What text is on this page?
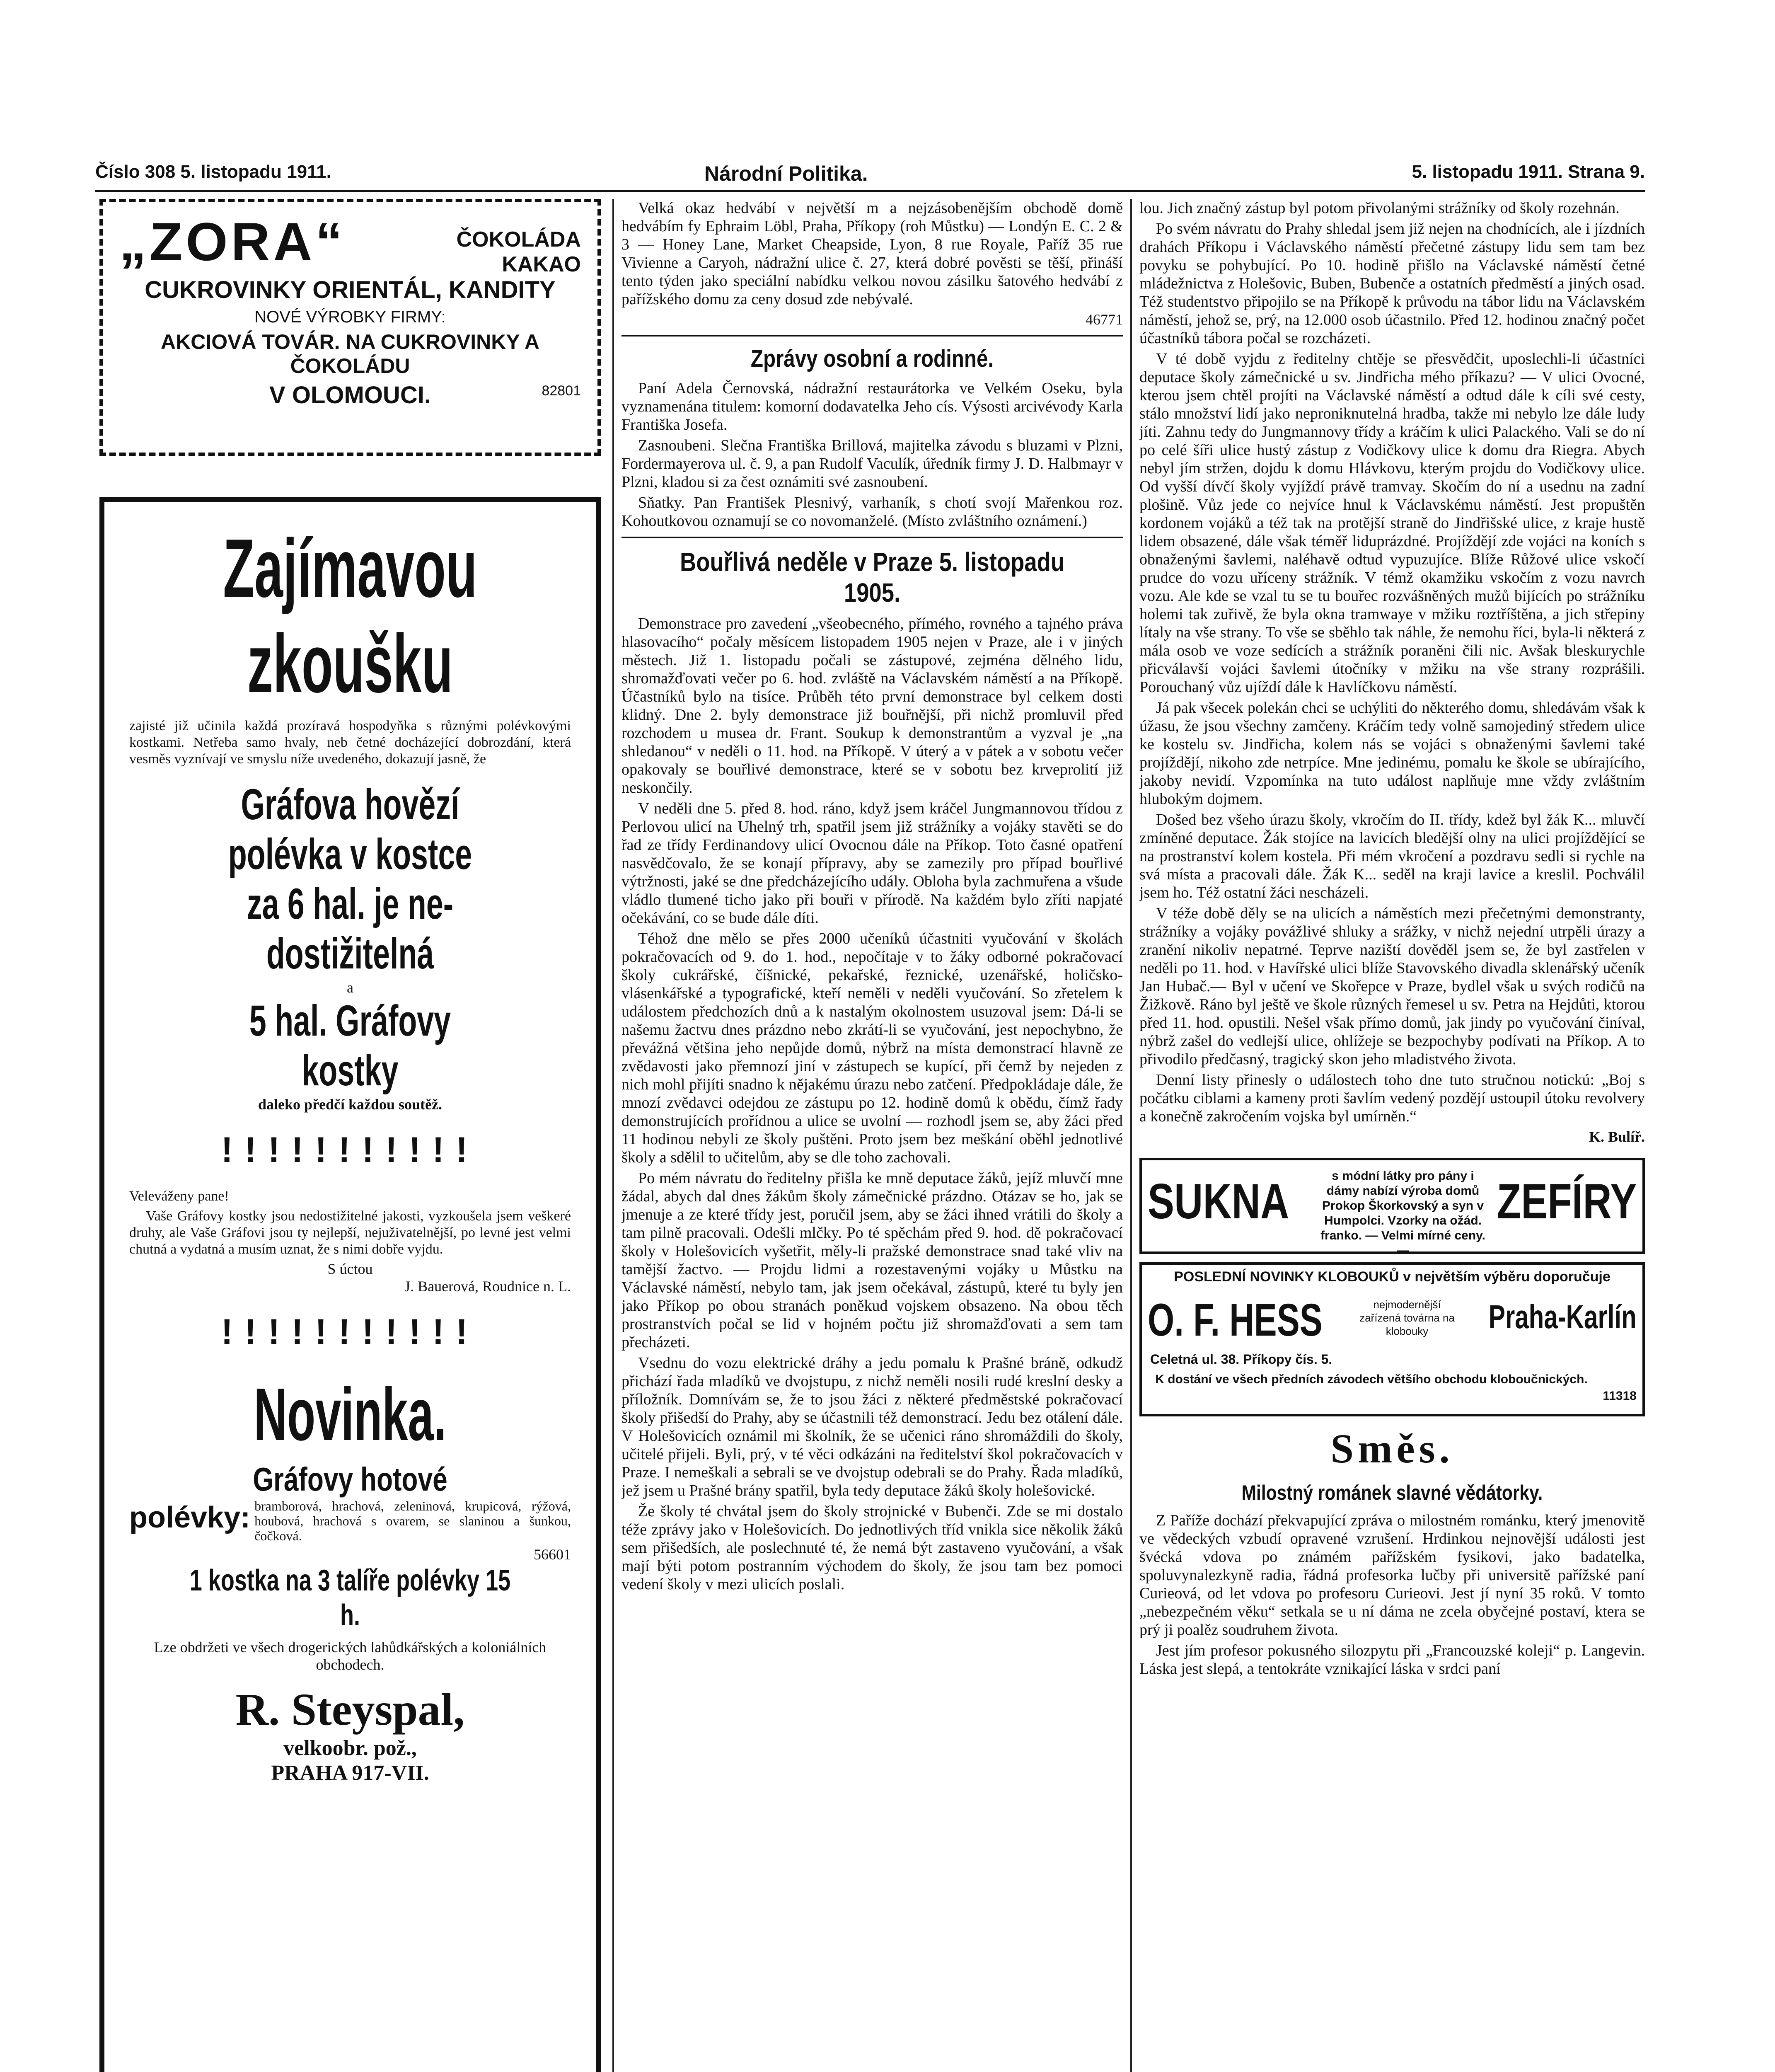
Číslo 308 5. listopadu 1911.	Národní Politika.	5. listopadu 1911. Strana 9.
„ZORA“	ČOKOLÁDA
KAKAO
CUKROVINKY ORIENTÁL, KANDITY
NOVÉ VÝROBKY FIRMY:
82801
AKCIOVÁ TOVÁR. NA CUKROVINKY A ČOKOLÁDU
V OLOMOUCI.
Zajímavou
zkoušku

zajisté již učinila každá prozíravá hospodyňka s různými polévkovými kostkami. Netřeba samo hvaly, neb četné docházející dobrozdání, která vesměs vyznívají ve smyslu níže uvedeného, dokazují jasně, že

Gráfova hovězí
polévka v kostce
za 6 hal. je ne-
dostižitelná
a
5 hal. Gráfovy
kostky
daleko předčí každou soutěž.
!!!!!!!!!!!

Veleváženy pane!

Vaše Gráfovy kostky jsou nedostižitelné jakosti, vyzkoušela jsem veškeré druhy, ale Vaše Gráfovi jsou ty nejlepší, nejuživatelnější, po levné jest velmi chutná a vydatná a musím uznat, že s nimi dobře vyjdu.

S úctou
J. Bauerová, Roudnice n. L.
!!!!!!!!!!!
Novinka.
Gráfovy hotové
polévky: bramborová, hrachová, zeleninová, krupicová, rýžová, houbová, hrachová s ovarem, se slaninou a šunkou, čočková.

56601
1 kostka na 3 talíře polévky 15 h.
Lze obdržeti ve všech drogerických lahůdkářských a koloniálních obchodech.
R. Steyspal,
velkoobr. pož.,
PRAHA 917-VII.

Velká okaz hedvábí v největší m a nejzásobenějším obchodě domě hedvábím fy Ephraim Löbl, Praha, Příkopy (roh Můstku) — Londýn E. C. 2 & 3 — Honey Lane, Market Cheapside, Lyon, 8 rue Royale, Paříž 35 rue Vivienne a Caryoh, nádražní ulice č. 27, která dobré pověsti se těší, přináší tento týden jako speciální nabídku velkou novou zásilku šatového hedvábí z pařížského domu za ceny dosud zde nebývalé.

46771
Zprávy osobní a rodinné.

Paní Adela Černovská, nádražní restaurátorka ve Velkém Oseku, byla vyznamenána titulem: komorní dodavatelka Jeho cís. Výsosti arcivévody Karla Františka Josefa.

Zasnoubeni. Slečna Františka Brillová, majitelka závodu s bluzami v Plzni, Fordermayerova ul. č. 9, a pan Rudolf Vaculík, úředník firmy J. D. Halbmayr v Plzni, kladou si za čest oznámiti své zasnoubení.

Sňatky. Pan František Plesnivý, varhaník, s chotí svojí Mařenkou roz. Kohoutkovou oznamují se co novomanželé. (Místo zvláštního oznámení.)

Bouřlivá neděle v Praze 5. listopadu 1905.

Demonstrace pro zavedení „všeobecného, přímého, rovného a tajného práva hlasovacího“ počaly měsícem listopadem 1905 nejen v Praze, ale i v jiných městech. Již 1. listopadu počali se zástupové, zejména dělného lidu, shromažďovati večer po 6. hod. zvláště na Václavském náměstí a na Příkopě. Účastníků bylo na tisíce. Průběh této první demonstrace byl celkem dosti klidný. Dne 2. byly demonstrace již bouřnější, při nichž promluvil před rozchodem u musea dr. Frant. Soukup k demonstrantům a vyzval je „na shledanou“ v neděli o 11. hod. na Příkopě. V úterý a v pátek a v sobotu večer opakovaly se bouřlivé demonstrace, které se v sobotu bez krveprolití již neskončily.

V neděli dne 5. před 8. hod. ráno, když jsem kráčel Jungmannovou třídou z Perlovou ulicí na Uhelný trh, spatřil jsem již strážníky a vojáky stavěti se do řad ze třídy Ferdinandovy ulicí Ovocnou dále na Příkop. Toto časné opatření nasvědčovalo, že se konají přípravy, aby se zamezily pro případ bouřlivé výtržnosti, jaké se dne předcházejícího udály. Obloha byla zachmuřena a všude vládlo tlumené ticho jako při bouři v přírodě. Na každém bylo zříti napjaté očekávání, co se bude dále díti.

Téhož dne mělo se přes 2000 učeníků účastniti vyučování v školách pokračovacích od 9. do 1. hod., nepočítaje v to žáky odborné pokračovací školy cukrářské, číšnické, pekařské, řeznické, uzenářské, holičsko-vlásenkářské a typografické, kteří neměli v neděli vyučování. So zřetelem k událostem předchozích dnů a k nastalým okolnostem usuzoval jsem: Dá-li se našemu žactvu dnes prázdno nebo zkrátí-li se vyučování, jest nepochybno, že převážná většina jeho nepůjde domů, nýbrž na místa demonstrací hlavně ze zvědavosti jako přemnozí jiní v zástupech se kupící, při čemž by nejeden z nich mohl přijíti snadno k nějakému úrazu nebo zatčení. Předpokládaje dále, že mnozí zvědavci odejdou ze zástupu po 12. hodině domů k obědu, čímž řady demonstrujících prořídnou a ulice se uvolní — rozhodl jsem se, aby žáci před 11 hodinou nebyli ze školy puštěni. Proto jsem bez meškání oběhl jednotlivé školy a sdělil to učitelům, aby se dle toho zachovali.

Po mém návratu do ředitelny přišla ke mně deputace žáků, jejíž mluvčí mne žádal, abych dal dnes žákům školy zámečnické prázdno. Otázav se ho, jak se jmenuje a ze které třídy jest, poručil jsem, aby se žáci ihned vrátili do školy a tam pilně pracovali. Odešli mlčky. Po té spěchám před 9. hod. dě pokračovací školy v Holešovicích vyšetřit, měly-li pražské demonstrace snad také vliv na tamější žactvo. — Projdu lidmi a rozestavenými vojáky u Můstku na Václavské náměstí, nebylo tam, jak jsem očekával, zástupů, které tu byly jen jako Příkop po obou stranách poněkud vojskem obsazeno. Na obou těch prostranstvích počal se lid v hojném počtu již shromažďovati a sem tam přecházeti.

Vsednu do vozu elektrické dráhy a jedu pomalu k Prašné bráně, odkudž přichází řada mladíků ve dvojstupu, z nichž neměli nosili rudé kreslní desky a příložník. Domnívám se, že to jsou žáci z některé předměstské pokračovací školy přišedší do Prahy, aby se účastnili též demonstrací. Jedu bez otálení dále. V Holešovicích oznámil mi školník, že se učenici ráno shromáždili do školy, učitelé přijeli. Byli, prý, v té věci odkázáni na ředitelství škol pokračovacích v Praze. I nemeškali a sebrali se ve dvojstup odebrali se do Prahy. Řada mladíků, jež jsem u Prašné brány spatřil, byla tedy deputace žáků školy holešovické.

Že školy té chvátal jsem do školy strojnické v Bubenči. Zde se mi dostalo téže zprávy jako v Holešovicích. Do jednotlivých tříd vnikla sice několik žáků sem přišedších, ale poslechnuté té, že nemá být zastaveno vyučování, a však mají býti potom postranním východem do školy, že jsou tam bez pomoci vedení školy v mezi ulicích poslali.

lou. Jich značný zástup byl potom přivolanými strážníky od školy rozehnán.

Po svém návratu do Prahy shledal jsem již nejen na chodnících, ale i jízdních drahách Příkopu i Václavského náměstí přečetné zástupy lidu sem tam bez povyku se pohybující. Po 10. hodině přišlo na Václavské náměstí četné mládežnictva z Holešovic, Buben, Bubenče a ostatních předměstí a jiných osad. Též studentstvo připojilo se na Příkopě k průvodu na tábor lidu na Václavském náměstí, jehož se, prý, na 12.000 osob účastnilo. Před 12. hodinou značný počet účastníků tábora počal se rozcházeti.

V té době vyjdu z ředitelny chtěje se přesvědčit, uposlechli-li účastníci deputace školy zámečnické u sv. Jindřicha mého příkazu? — V ulici Ovocné, kterou jsem chtěl projíti na Václavské náměstí a odtud dále k cíli své cesty, stálo množství lidí jako neproniknutelná hradba, takže mi nebylo lze dále ludy jíti. Zahnu tedy do Jungmannovy třídy a kráčím k ulici Palackého. Vali se do ní po celé šíři ulice hustý zástup z Vodičkovy ulice k domu dra Riegra. Abych nebyl jím stržen, dojdu k domu Hlávkovu, kterým projdu do Vodičkovy ulice. Od vyšší dívčí školy vyjíždí právě tramvay. Skočím do ní a usednu na zadní plošině. Vůz jede co nejvíce hnul k Václavskému náměstí. Jest propuštěn kordonem vojáků a též tak na protější straně do Jindřišské ulice, z kraje hustě lidem obsazené, dále však téměř liduprázdné. Projíždějí zde vojáci na koních s obnaženými šavlemi, naléhavě odtud vypuzujíce. Blíže Růžové ulice vskočí prudce do vozu uříceny strážník. V témž okamžiku vskočím z vozu navrch vozu. Ale kde se vzal tu se tu bouřec rozvášněných mužů bijících po strážníku holemi tak zuřivě, že byla okna tramwaye v mžiku roztříštěna, a jich střepiny lítaly na vše strany. To vše se sběhlo tak náhle, že nemohu říci, byla-li některá z mála osob ve voze sedících a strážník poraněni čili nic. Avšak bleskurychle přicválavší vojáci šavlemi útočníky v mžiku na vše strany rozprášili. Porouchaný vůz ujíždí dále k Havlíčkovu náměstí.

Já pak všecek polekán chci se uchýliti do některého domu, shledávám však k úžasu, že jsou všechny zamčeny. Kráčím tedy volně samojediný středem ulice ke kostelu sv. Jindřicha, kolem nás se vojáci s obnaženými šavlemi také projíždějí, nikoho zde netrpíce. Mne jedinému, pomalu ke škole se ubírajícího, jakoby nevidí. Vzpomínka na tuto událost naplňuje mne vždy zvláštním hlubokým dojmem.

Došed bez všeho úrazu školy, vkročím do II. třídy, kdež byl žák K... mluvčí zmíněné deputace. Žák stojíce na lavicích bledější olny na ulici projíždějící se na prostranství kolem kostela. Při mém vkročení a pozdravu sedli si rychle na svá místa a pracovali dále. Žák K... seděl na kraji lavice a kreslil. Pochválil jsem ho. Též ostatní žáci nescházeli.

V téže době děly se na ulicích a náměstích mezi přečetnými demonstranty, strážníky a vojáky povážlivé shluky a srážky, v nichž nejední utrpěli úrazy a zranění nikoliv nepatrné. Teprve naziští dověděl jsem se, že byl zastřelen v neděli po 11. hod. v Havířské ulici blíže Stavovského divadla sklenářský učeník Jan Hubač.— Byl v učení ve Skořepce v Praze, bydlel však u svých rodičů na Žižkově. Ráno byl ještě ve škole různých řemesel u sv. Petra na Hejdůti, ktorou před 11. hod. opustili. Nešel však přímo domů, jak jindy po vyučování činíval, nýbrž zašel do vedlejší ulice, ohlížeje se bezpochyby podívati na Příkop. A to přivodilo předčasný, tragický skon jeho mladistvého života.

Denní listy přinesly o událostech toho dne tuto stručnou notickú: „Boj s počátku ciblami a kameny proti šavlím vedený pozdějí ustoupil útoku revolvery a konečně zakročením vojska byl umírněn.“

K. Bulíř.
SUKNA	s módní látky pro pány i dámy nabízí výroba domů Prokop Škorkovský a syn v Humpolci. Vzorky na ožád. franko. — Velmi mírné ceny. —
ZEFÍRY
POSLEDNÍ NOVINKY KLOBOUKŮ v největším výběru doporučuje
O. F. HESS	nejmodernější zařízená továrna na klobouky	Praha-Karlín
Celetná ul. 38. Příkopy čís. 5.
K dostání ve všech předních závodech většího obchodu kloboučnických.
11318
Směs.
Milostný románek slavné vědátorky.

Z Paříže dochází překvapující zpráva o milostném románku, který jmenovitě ve vědeckých vzbudí opravené vzrušení. Hrdinkou nejnovější události jest švécká vdova po známém pařížském fysikovi, jako badatelka, spoluvynalezkyně radia, řádná profesorka lučby při universitě pařížské paní Curieová, od let vdova po profesoru Curieovi. Jest jí nyní 35 roků. V tomto „nebezpečném věku“ setkala se u ní dáma ne zcela obyčejné postaví, ktera se prý ji poalěz soudruhem života.

Jest jím profesor pokusného silozpytu při „Francouzské koleji“ p. Langevin. Láska jest slepá, a tentokráte vznikající láska v srdci paní
